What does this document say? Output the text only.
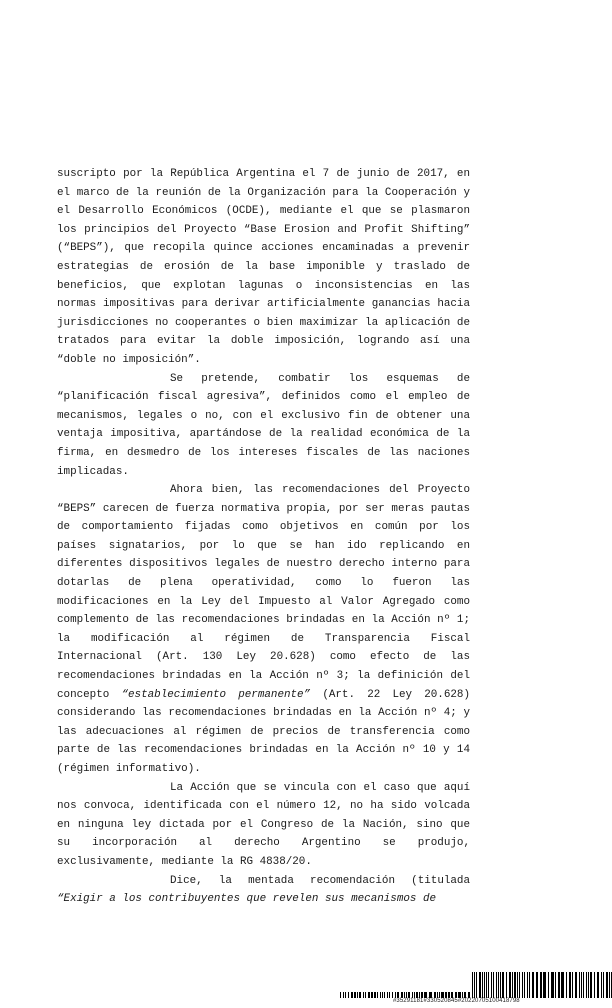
suscripto por la República Argentina el 7 de junio de 2017, en el marco de la reunión de la Organización para la Cooperación y el Desarrollo Económicos (OCDE), mediante el que se plasmaron los principios del Proyecto “Base Erosion and Profit Shifting” (“BEPS”), que recopila quince acciones encaminadas a prevenir estrategias de erosión de la base imponible y traslado de beneficios, que explotan lagunas o inconsistencias en las normas impositivas para derivar artificialmente ganancias hacia jurisdicciones no cooperantes o bien maximizar la aplicación de tratados para evitar la doble imposición, logrando así una “doble no imposición”.

Se pretende, combatir los esquemas de “planificación fiscal agresiva”, definidos como el empleo de mecanismos, legales o no, con el exclusivo fin de obtener una ventaja impositiva, apartándose de la realidad económica de la firma, en desmedro de los intereses fiscales de las naciones implicadas.

Ahora bien, las recomendaciones del Proyecto “BEPS” carecen de fuerza normativa propia, por ser meras pautas de comportamiento fijadas como objetivos en común por los países signatarios, por lo que se han ido replicando en diferentes dispositivos legales de nuestro derecho interno para dotarlas de plena operatividad, como lo fueron las modificaciones en la Ley del Impuesto al Valor Agregado como complemento de las recomendaciones brindadas en la Acción nº 1; la modificación al régimen de Transparencia Fiscal Internacional (Art. 130 Ley 20.628) como efecto de las recomendaciones brindadas en la Acción nº 3; la definición del concepto “establecimiento permanente” (Art. 22 Ley 20.628) considerando las recomendaciones brindadas en la Acción nº 4; y las adecuaciones al régimen de precios de transferencia como parte de las recomendaciones brindadas en la Acción nº 10 y 14 (régimen informativo).

La Acción que se vincula con el caso que aquí nos convoca, identificada con el número 12, no ha sido volcada en ninguna ley dictada por el Congreso de la Nación, sino que su incorporación al derecho Argentino se produjo, exclusivamente, mediante la RG 4838/20.

Dice, la mentada recomendación (titulada “Exigir a los contribuyentes que revelen sus mecanismos de

#35291181#330520845#20220705100418798
